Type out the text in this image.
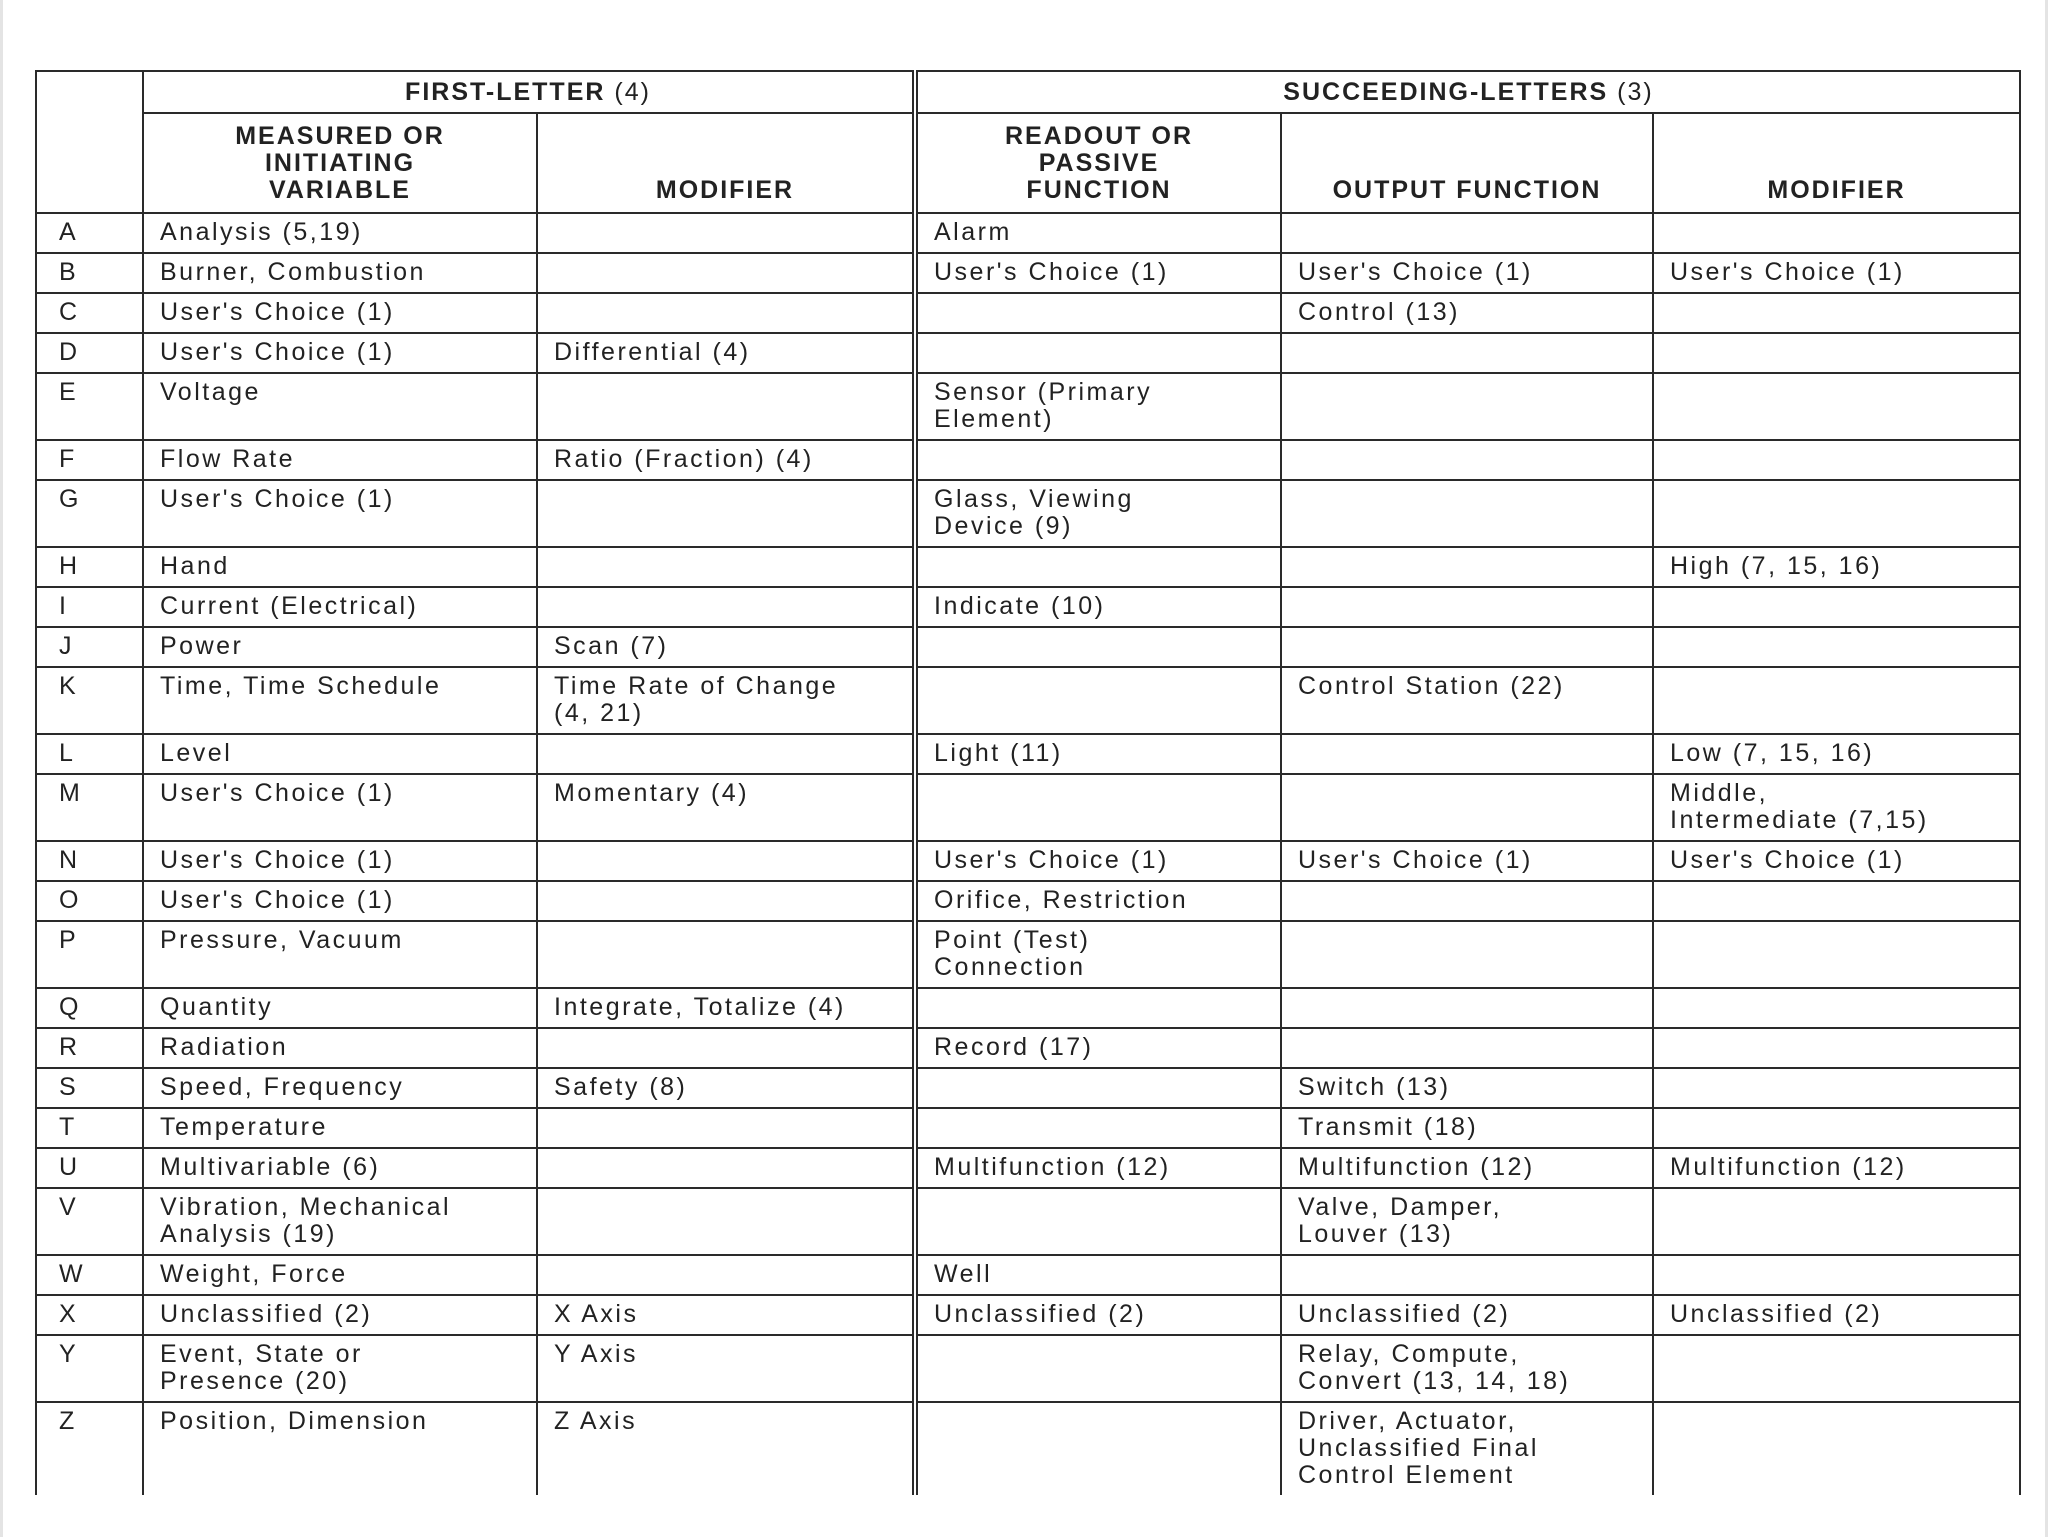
	FIRST-LETTER (4)		SUCCEEDING-LETTERS (3)		

	MEASURED OR
INITIATING
VARIABLE	MODIFIER	READOUT OR
PASSIVE
FUNCTION	OUTPUT FUNCTION	MODIFIER

A	Analysis (5,19)		Alarm		

B	Burner, Combustion		User's Choice (1)	User's Choice (1)	User's Choice (1)

C	User's Choice (1)			Control (13)	

D	User's Choice (1)	Differential (4)			

E	Voltage		Sensor (Primary
Element)		

F	Flow Rate	Ratio (Fraction) (4)			

G	User's Choice (1)		Glass, Viewing
Device (9)		

H	Hand				High (7, 15, 16)

I	Current (Electrical)		Indicate (10)		

J	Power	Scan (7)			

K	Time, Time Schedule	Time Rate of Change
(4, 21)		Control Station (22)	

L	Level		Light (11)		Low (7, 15, 16)

M	User's Choice (1)	Momentary (4)			Middle,
Intermediate (7,15)

N	User's Choice (1)		User's Choice (1)	User's Choice (1)	User's Choice (1)

O	User's Choice (1)		Orifice, Restriction		

P	Pressure, Vacuum		Point (Test)
Connection		

Q	Quantity	Integrate, Totalize (4)			

R	Radiation		Record (17)		

S	Speed, Frequency	Safety (8)		Switch (13)	

T	Temperature			Transmit (18)	

U	Multivariable (6)		Multifunction (12)	Multifunction (12)	Multifunction (12)

V	Vibration, Mechanical
Analysis (19)			Valve, Damper,
Louver (13)	

W	Weight, Force		Well		

X	Unclassified (2)	X Axis	Unclassified (2)	Unclassified (2)	Unclassified (2)

Y	Event, State or
Presence (20)	Y Axis		Relay, Compute,
Convert (13, 14, 18)	

Z	Position, Dimension	Z Axis		Driver, Actuator,
Unclassified Final
Control Element	
